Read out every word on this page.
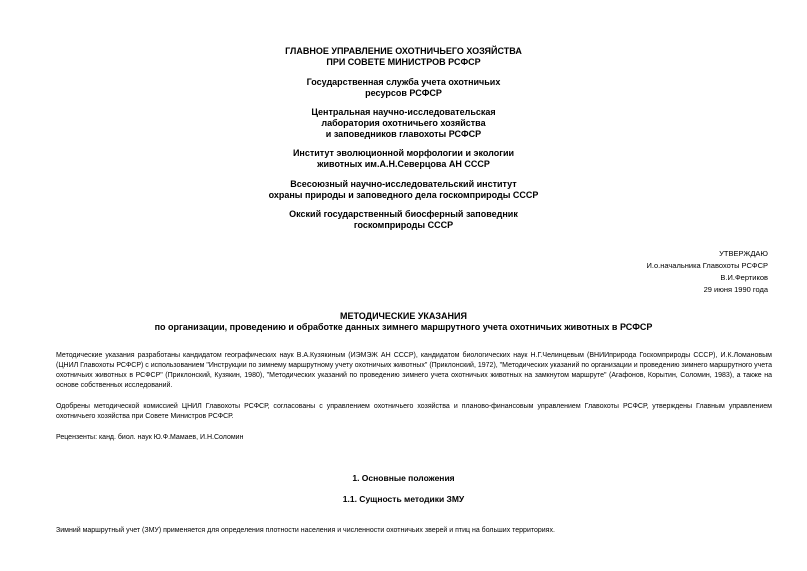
ГЛАВНОЕ УПРАВЛЕНИЕ ОХОТНИЧЬЕГО ХОЗЯЙСТВА
ПРИ СОВЕТЕ МИНИСТРОВ РСФСР
Государственная служба учета охотничьих
ресурсов РСФСР
Центральная научно-исследовательская
лаборатория охотничьего хозяйства
и заповедников главохоты РСФСР
Институт эволюционной морфологии и экологии
животных им.А.Н.Северцова АН СССР
Всесоюзный научно-исследовательский институт
охраны природы и заповедного дела госкомприроды СССР
Окский государственный биосферный заповедник
госкомприроды СССР
УТВЕРЖДАЮ
И.о.начальника Главохоты РСФСР
В.И.Фертиков
29 июня 1990 года
МЕТОДИЧЕСКИЕ УКАЗАНИЯ
по организации, проведению и обработке данных зимнего маршрутного учета охотничьих животных в РСФСР
Методические указания разработаны кандидатом географических наук В.А.Кузякиным (ИЭМЭЖ АН СССР), кандидатом биологических наук Н.Г.Челинцевым (ВНИИприрода Госкомприроды СССР), И.К.Ломановым (ЦНИЛ Главохоты РСФСР) с использованием "Инструкции по зимнему маршрутному учету охотничьих животных" (Приклонский, 1972), "Методических указаний по организации и проведению зимнего маршрутного учета охотничьих животных в РСФСР" (Приклонский, Кузякин, 1980), "Методических указаний по проведению зимнего учета охотничьих животных на замкнутом маршруте" (Агафонов, Корытин, Соломин, 1983), а также на основе собственных исследований.
Одобрены методической комиссией ЦНИЛ Главохоты РСФСР, согласованы с управлением охотничьего хозяйства и планово-финансовым управлением Главохоты РСФСР, утверждены Главным управлением охотничьего хозяйства при Совете Министров РСФСР.
Рецензенты: канд. биол. наук Ю.Ф.Мамаев, И.Н.Соломин
1. Основные положения
1.1. Сущность методики ЗМУ
Зимний маршрутный учет (ЗМУ) применяется для определения плотности населения и численности охотничьих зверей и птиц на больших территориях.
